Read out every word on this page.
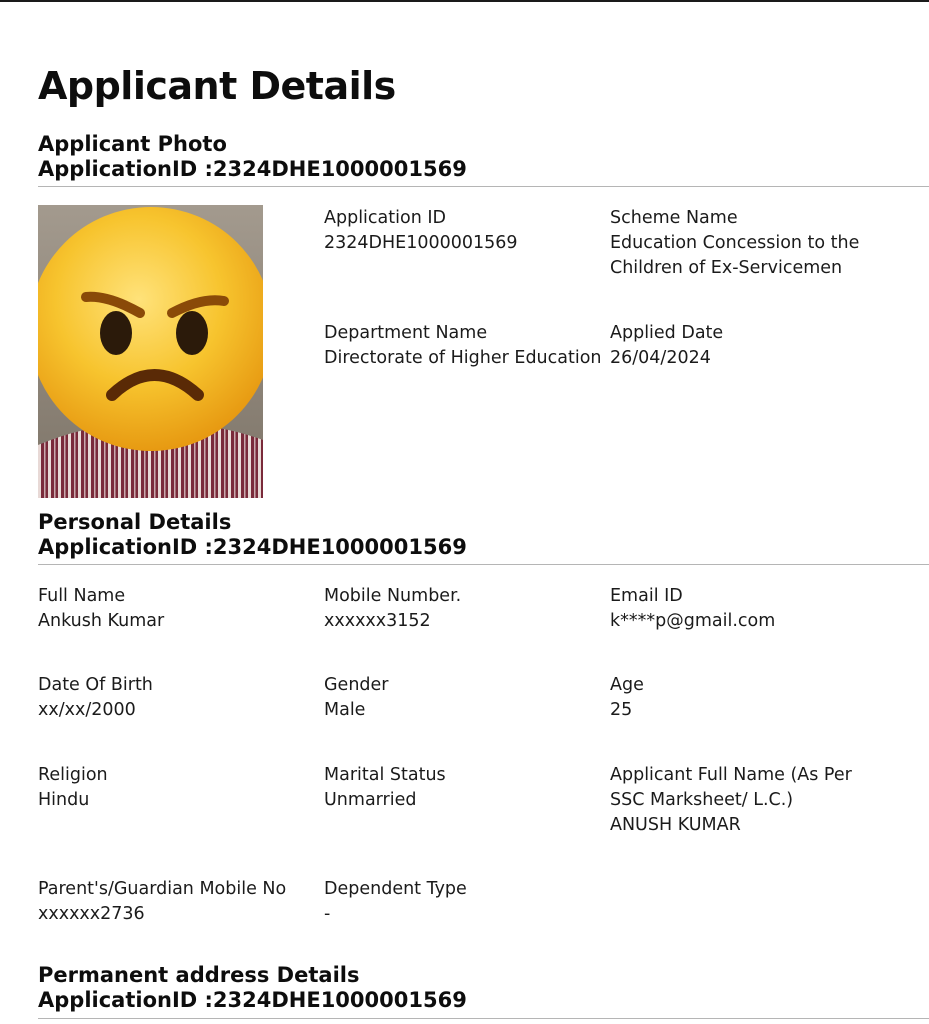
Applicant Details
Applicant Photo
ApplicationID :2324DHE1000001569
Application ID
2324DHE1000001569
Scheme Name
Education Concession to the
Children of Ex-Servicemen
Department Name
Directorate of Higher Education
Applied Date
26/04/2024
Personal Details
ApplicationID :2324DHE1000001569
Full Name
Ankush Kumar
Mobile Number.
xxxxxx3152
Email ID
k****p@gmail.com
Date Of Birth
xx/xx/2000
Gender
Male
Age
25
Religion
Hindu
Marital Status
Unmarried
Applicant Full Name (As Per
SSC Marksheet/ L.C.)
ANUSH KUMAR
Parent's/Guardian Mobile No
xxxxxx2736
Dependent Type
-
Permanent address Details
ApplicationID :2324DHE1000001569
